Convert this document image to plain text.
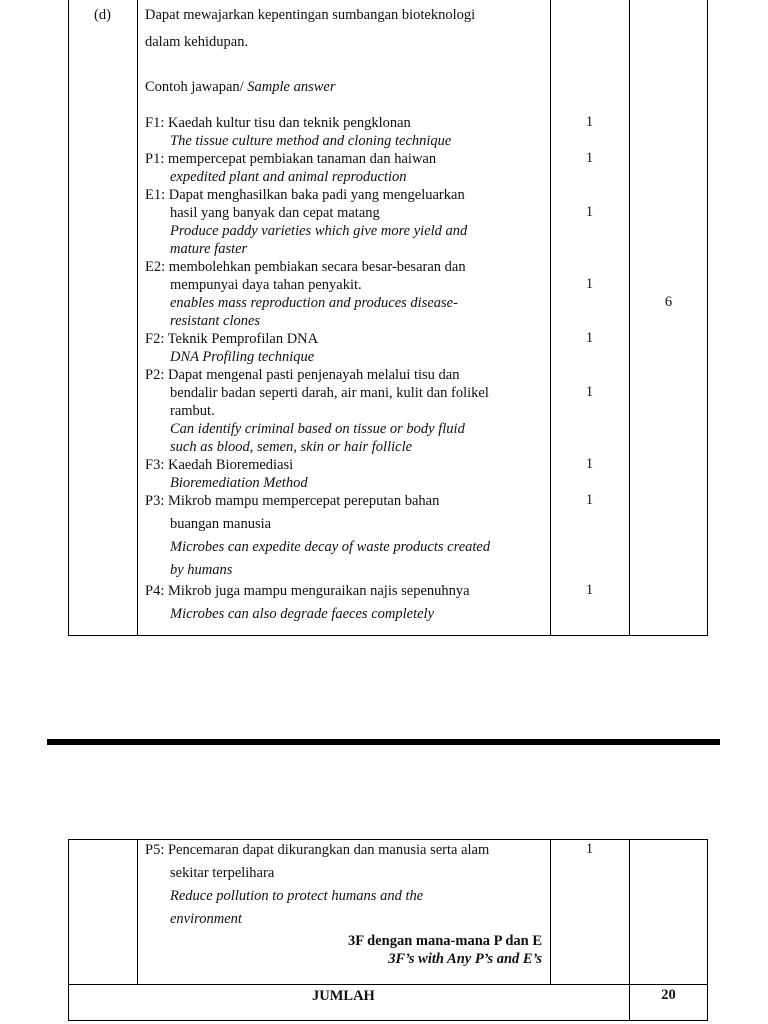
(d) Dapat mewajarkan kepentingan sumbangan bioteknologi
dalam kehidupan.
Contoh jawapan/ Sample answer
F1: Kaedah kultur tisu dan teknik pengklonan	1
The tissue culture method and cloning technique
P1: mempercepat pembiakan tanaman dan haiwan	1
expedited plant and animal reproduction
E1: Dapat menghasilkan baka padi yang mengeluarkan
hasil yang banyak dan cepat matang	1
Produce paddy varieties which give more yield and
mature faster
E2: membolehkan pembiakan secara besar-besaran dan
mempunyai daya tahan penyakit.	1
enables mass reproduction and produces disease-
resistant clones
F2: Teknik Pemprofilan DNA	1
DNA Profiling technique
P2: Dapat mengenal pasti penjenayah melalui tisu dan
bendalir badan seperti darah, air mani, kulit dan folikel	1
rambut.
Can identify criminal based on tissue or body fluid
such as blood, semen, skin or hair follicle
F3: Kaedah Bioremediasi	1
Bioremediation Method
P3: Mikrob mampu mempercepat pereputan bahan	1
buangan manusia
Microbes can expedite decay of waste products created
by humans
P4: Mikrob juga mampu menguraikan najis sepenuhnya	1
Microbes can also degrade faeces completely
6
P5: Pencemaran dapat dikurangkan dan manusia serta alam	1
sekitar terpelihara
Reduce pollution to protect humans and the
environment
3F dengan mana-mana P dan E
3F’s with Any P’s and E’s
JUMLAH	20
